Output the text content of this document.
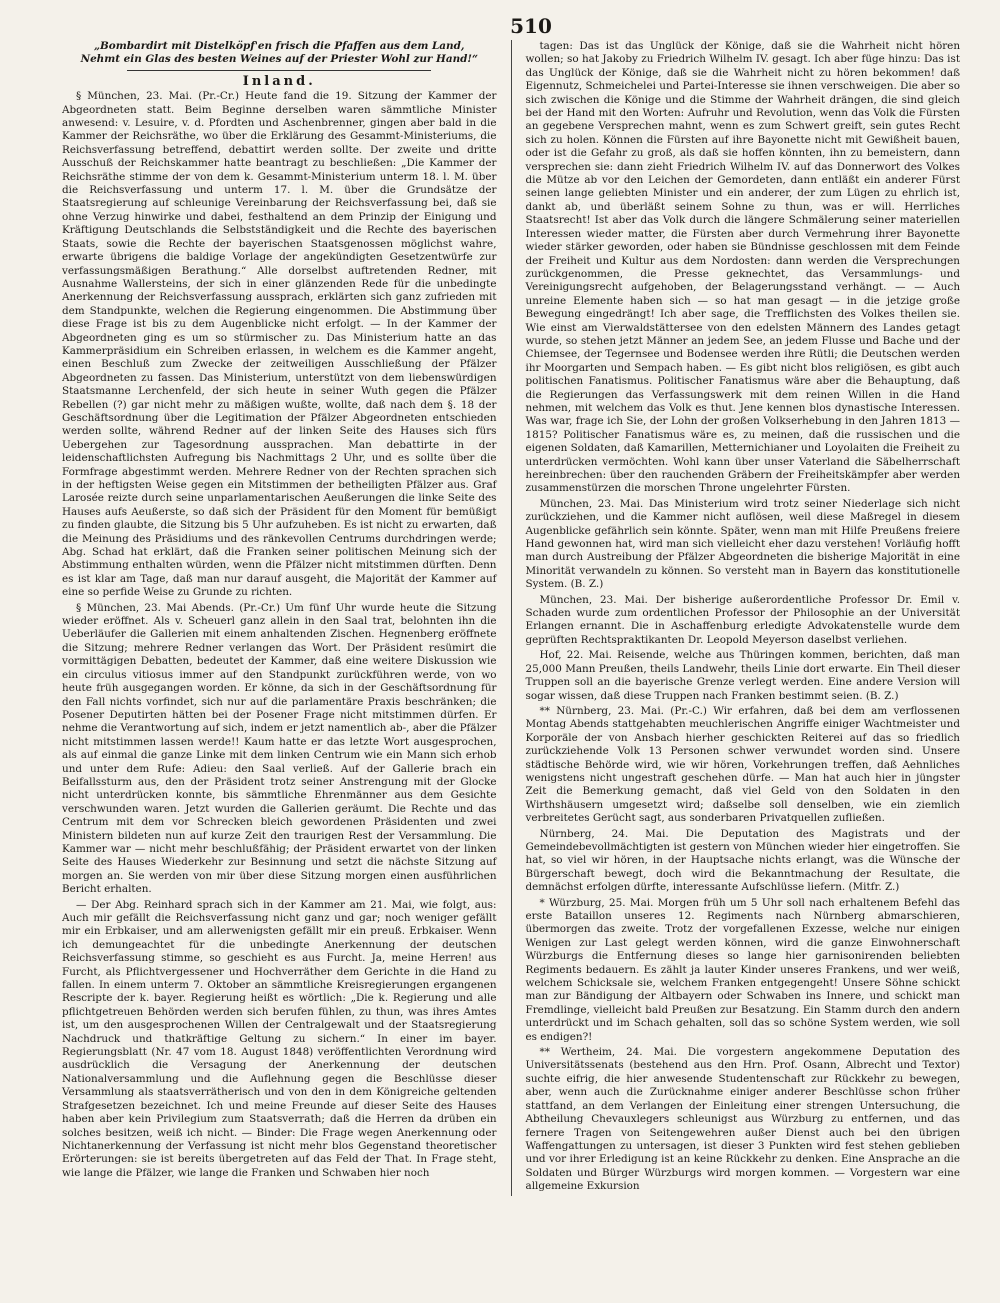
510
„Bombardirt mit Distelköpf'en frisch die Pfaffen aus dem Land,
Nehmt ein Glas des besten Weines auf der Priester Wohl zur Hand!“
Inland.

§ München, 23. Mai. (Pr.-Cr.) Heute fand die 19. Sitzung der Kammer der Abgeordneten statt. Beim Beginne derselben waren sämmtliche Minister anwesend: v. Lesuire, v. d. Pfordten und Aschenbrenner, gingen aber bald in die Kammer der Reichsräthe, wo über die Erklärung des Gesammt-Ministeriums, die Reichsverfassung betreffend, debattirt werden sollte. Der zweite und dritte Ausschuß der Reichskammer hatte beantragt zu beschließen: „Die Kammer der Reichsräthe stimme der von dem k. Gesammt-Ministerium unterm 18. l. M. über die Reichsverfassung und unterm 17. l. M. über die Grundsätze der Staatsregierung auf schleunige Vereinbarung der Reichsverfassung bei, daß sie ohne Verzug hinwirke und dabei, festhaltend an dem Prinzip der Einigung und Kräftigung Deutschlands die Selbstständigkeit und die Rechte des bayerischen Staats, sowie die Rechte der bayerischen Staatsgenossen möglichst wahre, erwarte übrigens die baldige Vorlage der angekündigten Gesetzentwürfe zur verfassungsmäßigen Berathung.“ Alle dorselbst auftretenden Redner, mit Ausnahme Wallersteins, der sich in einer glänzenden Rede für die unbedingte Anerkennung der Reichsverfassung aussprach, erklärten sich ganz zufrieden mit dem Standpunkte, welchen die Regierung eingenommen. Die Abstimmung über diese Frage ist bis zu dem Augenblicke nicht erfolgt. — In der Kammer der Abgeordneten ging es um so stürmischer zu. Das Ministerium hatte an das Kammerpräsidium ein Schreiben erlassen, in welchem es die Kammer angeht, einen Beschluß zum Zwecke der zeitweiligen Ausschließung der Pfälzer Abgeordneten zu fassen. Das Ministerium, unterstützt von dem liebenswürdigen Staatsmanne Lerchenfeld, der sich heute in seiner Wuth gegen die Pfälzer Rebellen (?) gar nicht mehr zu mäßigen wußte, wollte, daß nach dem §. 18 der Geschäftsordnung über die Legitimation der Pfälzer Abgeordneten entschieden werden sollte, während Redner auf der linken Seite des Hauses sich fürs Uebergehen zur Tagesordnung aussprachen. Man debattirte in der leidenschaftlichsten Aufregung bis Nachmittags 2 Uhr, und es sollte über die Formfrage abgestimmt werden. Mehrere Redner von der Rechten sprachen sich in der heftigsten Weise gegen ein Mitstimmen der betheiligten Pfälzer aus. Graf Larosée reizte durch seine unparlamentarischen Aeußerungen die linke Seite des Hauses aufs Aeußerste, so daß sich der Präsident für den Moment für bemüßigt zu finden glaubte, die Sitzung bis 5 Uhr aufzuheben. Es ist nicht zu erwarten, daß die Meinung des Präsidiums und des ränkevollen Centrums durchdringen werde; Abg. Schad hat erklärt, daß die Franken seiner politischen Meinung sich der Abstimmung enthalten würden, wenn die Pfälzer nicht mitstimmen dürften. Denn es ist klar am Tage, daß man nur darauf ausgeht, die Majorität der Kammer auf eine so perfide Weise zu Grunde zu richten.

§ München, 23. Mai Abends. (Pr.-Cr.) Um fünf Uhr wurde heute die Sitzung wieder eröffnet. Als v. Scheuerl ganz allein in den Saal trat, belohnten ihn die Ueberläufer die Gallerien mit einem anhaltenden Zischen. Hegnenberg eröffnete die Sitzung; mehrere Redner verlangen das Wort. Der Präsident resümirt die vormittägigen Debatten, bedeutet der Kammer, daß eine weitere Diskussion wie ein circulus vitiosus immer auf den Standpunkt zurückführen werde, von wo heute früh ausgegangen worden. Er könne, da sich in der Geschäftsordnung für den Fall nichts vorfindet, sich nur auf die parlamentäre Praxis beschränken; die Posener Deputirten hätten bei der Posener Frage nicht mitstimmen dürfen. Er nehme die Verantwortung auf sich, indem er jetzt namentlich ab-, aber die Pfälzer nicht mitstimmen lassen werde!! Kaum hatte er das letzte Wort ausgesprochen, als auf einmal die ganze Linke mit dem linken Centrum wie ein Mann sich erhob und unter dem Rufe: Adieu: den Saal verließ. Auf der Gallerie brach ein Beifallssturm aus, den der Präsident trotz seiner Anstrengung mit der Glocke nicht unterdrücken konnte, bis sämmtliche Ehrenmänner aus dem Gesichte verschwunden waren. Jetzt wurden die Gallerien geräumt. Die Rechte und das Centrum mit dem vor Schrecken bleich gewordenen Präsidenten und zwei Ministern bildeten nun auf kurze Zeit den traurigen Rest der Versammlung. Die Kammer war — nicht mehr beschlußfähig; der Präsident erwartet von der linken Seite des Hauses Wiederkehr zur Besinnung und setzt die nächste Sitzung auf morgen an. Sie werden von mir über diese Sitzung morgen einen ausführlichen Bericht erhalten.

— Der Abg. Reinhard sprach sich in der Kammer am 21. Mai, wie folgt, aus: Auch mir gefällt die Reichsverfassung nicht ganz und gar; noch weniger gefällt mir ein Erbkaiser, und am allerwenigsten gefällt mir ein preuß. Erbkaiser. Wenn ich demungeachtet für die unbedingte Anerkennung der deutschen Reichsverfassung stimme, so geschieht es aus Furcht. Ja, meine Herren! aus Furcht, als Pflichtvergessener und Hochverräther dem Gerichte in die Hand zu fallen. In einem unterm 7. Oktober an sämmtliche Kreisregierungen ergangenen Rescripte der k. bayer. Regierung heißt es wörtlich: „Die k. Regierung und alle pflichtgetreuen Behörden werden sich berufen fühlen, zu thun, was ihres Amtes ist, um den ausgesprochenen Willen der Centralgewalt und der Staatsregierung Nachdruck und thatkräftige Geltung zu sichern.“ In einer im bayer. Regierungsblatt (Nr. 47 vom 18. August 1848) veröffentlichten Verordnung wird ausdrücklich die Versagung der Anerkennung der deutschen Nationalversammlung und die Auflehnung gegen die Beschlüsse dieser Versammlung als staatsverrätherisch und von den in dem Königreiche geltenden Strafgesetzen bezeichnet. Ich und meine Freunde auf dieser Seite des Hauses haben aber kein Privilegium zum Staatsverrath; daß die Herren da drüben ein solches besitzen, weiß ich nicht. — Binder: Die Frage wegen Anerkennung oder Nichtanerkennung der Verfassung ist nicht mehr blos Gegenstand theoretischer Erörterungen: sie ist bereits übergetreten auf das Feld der That. In Frage steht, wie lange die Pfälzer, wie lange die Franken und Schwaben hier noch

tagen: Das ist das Unglück der Könige, daß sie die Wahrheit nicht hören wollen; so hat Jakoby zu Friedrich Wilhelm IV. gesagt. Ich aber füge hinzu: Das ist das Unglück der Könige, daß sie die Wahrheit nicht zu hören bekommen! daß Eigennutz, Schmeichelei und Partei-Interesse sie ihnen verschweigen. Die aber so sich zwischen die Könige und die Stimme der Wahrheit drängen, die sind gleich bei der Hand mit den Worten: Aufruhr und Revolution, wenn das Volk die Fürsten an gegebene Versprechen mahnt, wenn es zum Schwert greift, sein gutes Recht sich zu holen. Können die Fürsten auf ihre Bayonette nicht mit Gewißheit bauen, oder ist die Gefahr zu groß, als daß sie hoffen könnten, ihn zu bemeistern, dann versprechen sie: dann zieht Friedrich Wilhelm IV. auf das Donnerwort des Volkes die Mütze ab vor den Leichen der Gemordeten, dann entläßt ein anderer Fürst seinen lange geliebten Minister und ein anderer, der zum Lügen zu ehrlich ist, dankt ab, und überläßt seinem Sohne zu thun, was er will. Herrliches Staatsrecht! Ist aber das Volk durch die längere Schmälerung seiner materiellen Interessen wieder matter, die Fürsten aber durch Vermehrung ihrer Bayonette wieder stärker geworden, oder haben sie Bündnisse geschlossen mit dem Feinde der Freiheit und Kultur aus dem Nordosten: dann werden die Versprechungen zurückgenommen, die Presse geknechtet, das Versammlungs- und Vereinigungsrecht aufgehoben, der Belagerungsstand verhängt. — — Auch unreine Elemente haben sich — so hat man gesagt — in die jetzige große Bewegung eingedrängt! Ich aber sage, die Trefflichsten des Volkes theilen sie. Wie einst am Vierwaldstättersee von den edelsten Männern des Landes getagt wurde, so stehen jetzt Männer an jedem See, an jedem Flusse und Bache und der Chiemsee, der Tegernsee und Bodensee werden ihre Rütli; die Deutschen werden ihr Moorgarten und Sempach haben. — Es gibt nicht blos religiösen, es gibt auch politischen Fanatismus. Politischer Fanatismus wäre aber die Behauptung, daß die Regierungen das Verfassungswerk mit dem reinen Willen in die Hand nehmen, mit welchem das Volk es thut. Jene kennen blos dynastische Interessen. Was war, frage ich Sie, der Lohn der großen Volkserhebung in den Jahren 1813 — 1815? Politischer Fanatismus wäre es, zu meinen, daß die russischen und die eigenen Soldaten, daß Kamarillen, Metternichianer und Loyolaiten die Freiheit zu unterdrücken vermöchten. Wohl kann über unser Vaterland die Säbelherrschaft hereinbrechen: über den rauchenden Gräbern der Freiheitskämpfer aber werden zusammenstürzen die morschen Throne ungelehrter Fürsten.

München, 23. Mai. Das Ministerium wird trotz seiner Niederlage sich nicht zurückziehen, und die Kammer nicht auflösen, weil diese Maßregel in diesem Augenblicke gefährlich sein könnte. Später, wenn man mit Hilfe Preußens freiere Hand gewonnen hat, wird man sich vielleicht eher dazu verstehen! Vorläufig hofft man durch Austreibung der Pfälzer Abgeordneten die bisherige Majorität in eine Minorität verwandeln zu können. So versteht man in Bayern das konstitutionelle System. (B. Z.)

München, 23. Mai. Der bisherige außerordentliche Professor Dr. Emil v. Schaden wurde zum ordentlichen Professor der Philosophie an der Universität Erlangen ernannt. Die in Aschaffenburg erledigte Advokatenstelle wurde dem geprüften Rechtspraktikanten Dr. Leopold Meyerson daselbst verliehen.

Hof, 22. Mai. Reisende, welche aus Thüringen kommen, berichten, daß man 25,000 Mann Preußen, theils Landwehr, theils Linie dort erwarte. Ein Theil dieser Truppen soll an die bayerische Grenze verlegt werden. Eine andere Version will sogar wissen, daß diese Truppen nach Franken bestimmt seien. (B. Z.)

** Nürnberg, 23. Mai. (Pr.-C.) Wir erfahren, daß bei dem am verflossenen Montag Abends stattgehabten meuchlerischen Angriffe einiger Wachtmeister und Korporäle der von Ansbach hierher geschickten Reiterei auf das so friedlich zurückziehende Volk 13 Personen schwer verwundet worden sind. Unsere städtische Behörde wird, wie wir hören, Vorkehrungen treffen, daß Aehnliches wenigstens nicht ungestraft geschehen dürfe. — Man hat auch hier in jüngster Zeit die Bemerkung gemacht, daß viel Geld von den Soldaten in den Wirthshäusern umgesetzt wird; daßselbe soll denselben, wie ein ziemlich verbreitetes Gerücht sagt, aus sonderbaren Privatquellen zufließen.

Nürnberg, 24. Mai. Die Deputation des Magistrats und der Gemeindebevollmächtigten ist gestern von München wieder hier eingetroffen. Sie hat, so viel wir hören, in der Hauptsache nichts erlangt, was die Wünsche der Bürgerschaft bewegt, doch wird die Bekanntmachung der Resultate, die demnächst erfolgen dürfte, interessante Aufschlüsse liefern. (Mitfr. Z.)

* Würzburg, 25. Mai. Morgen früh um 5 Uhr soll nach erhaltenem Befehl das erste Bataillon unseres 12. Regiments nach Nürnberg abmarschieren, übermorgen das zweite. Trotz der vorgefallenen Exzesse, welche nur einigen Wenigen zur Last gelegt werden können, wird die ganze Einwohnerschaft Würzburgs die Entfernung dieses so lange hier garnisonirenden beliebten Regiments bedauern. Es zählt ja lauter Kinder unseres Frankens, und wer weiß, welchem Schicksale sie, welchem Franken entgegengeht! Unsere Söhne schickt man zur Bändigung der Altbayern oder Schwaben ins Innere, und schickt man Fremdlinge, vielleicht bald Preußen zur Besatzung. Ein Stamm durch den andern unterdrückt und im Schach gehalten, soll das so schöne System werden, wie soll es endigen?!

** Wertheim, 24. Mai. Die vorgestern angekommene Deputation des Universitätssenats (bestehend aus den Hrn. Prof. Osann, Albrecht und Textor) suchte eifrig, die hier anwesende Studentenschaft zur Rückkehr zu bewegen, aber, wenn auch die Zurücknahme einiger anderer Beschlüsse schon früher stattfand, an dem Verlangen der Einleitung einer strengen Untersuchung, die Abtheilung Chevauxlegers schleunigst aus Würzburg zu entfernen, und das fernere Tragen von Seitengewehren außer Dienst auch bei den übrigen Waffengattungen zu untersagen, ist dieser 3 Punkten wird fest stehen geblieben und vor ihrer Erledigung ist an keine Rückkehr zu denken. Eine Ansprache an die Soldaten und Bürger Würzburgs wird morgen kommen. — Vorgestern war eine allgemeine Exkursion
